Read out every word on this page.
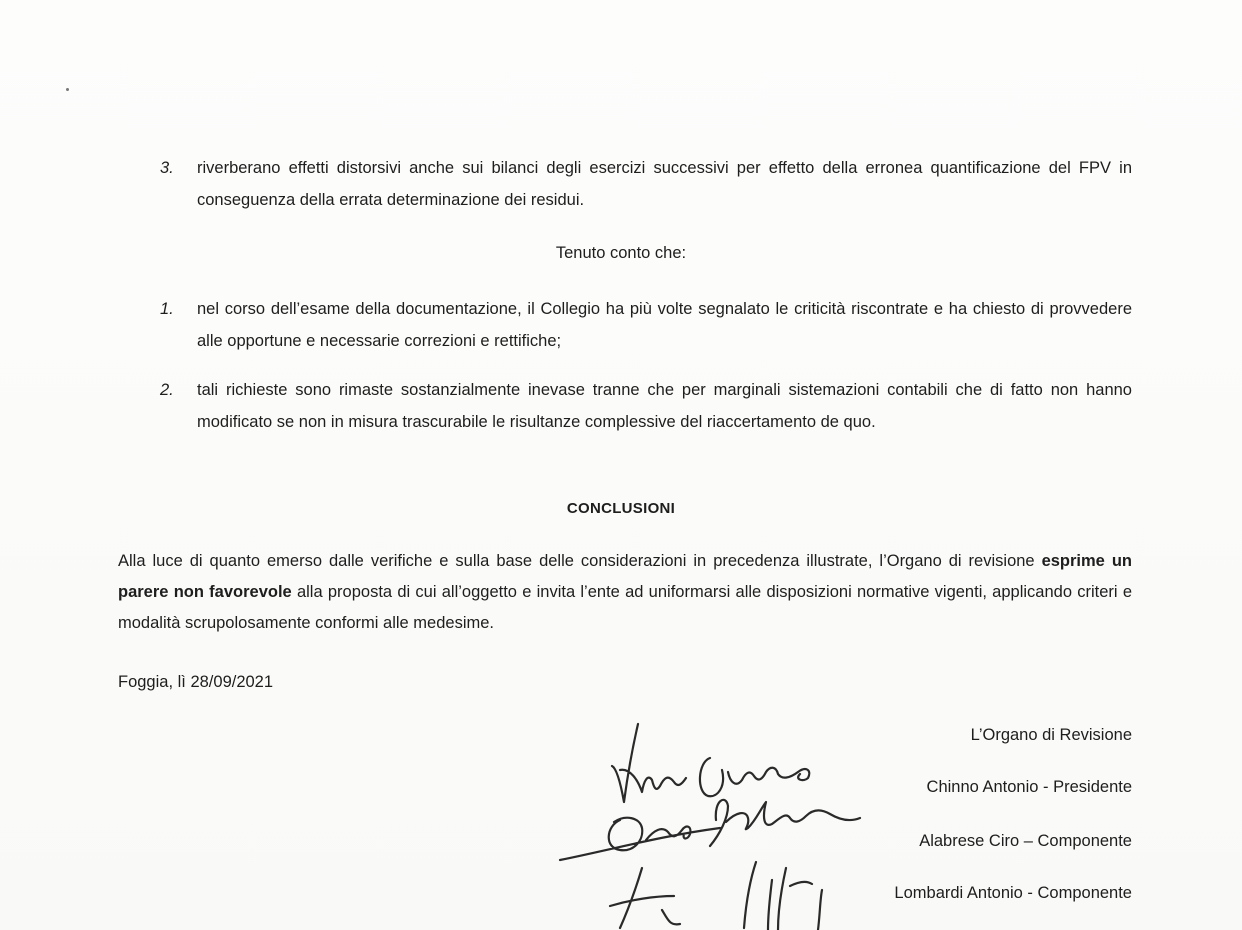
3. riverberano effetti distorsivi anche sui bilanci degli esercizi successivi per effetto della erronea quantificazione del FPV in conseguenza della errata determinazione dei residui.
Tenuto conto che:
1. nel corso dell’esame della documentazione, il Collegio ha più volte segnalato le criticità riscontrate e ha chiesto di provvedere alle opportune e necessarie correzioni e rettifiche;
2. tali richieste sono rimaste sostanzialmente inevase tranne che per marginali sistemazioni contabili che di fatto non hanno modificato se non in misura trascurabile le risultanze complessive del riaccertamento de quo.
CONCLUSIONI
Alla luce di quanto emerso dalle verifiche e sulla base delle considerazioni in precedenza illustrate, l’Organo di revisione esprime un parere non favorevole alla proposta di cui all’oggetto e invita l’ente ad uniformarsi alle disposizioni normative vigenti, applicando criteri e modalità scrupolosamente conformi alle medesime.
Foggia, lì 28/09/2021
L’Organo di Revisione
Chinno Antonio - Presidente
Alabrese Ciro – Componente
Lombardi Antonio - Componente
